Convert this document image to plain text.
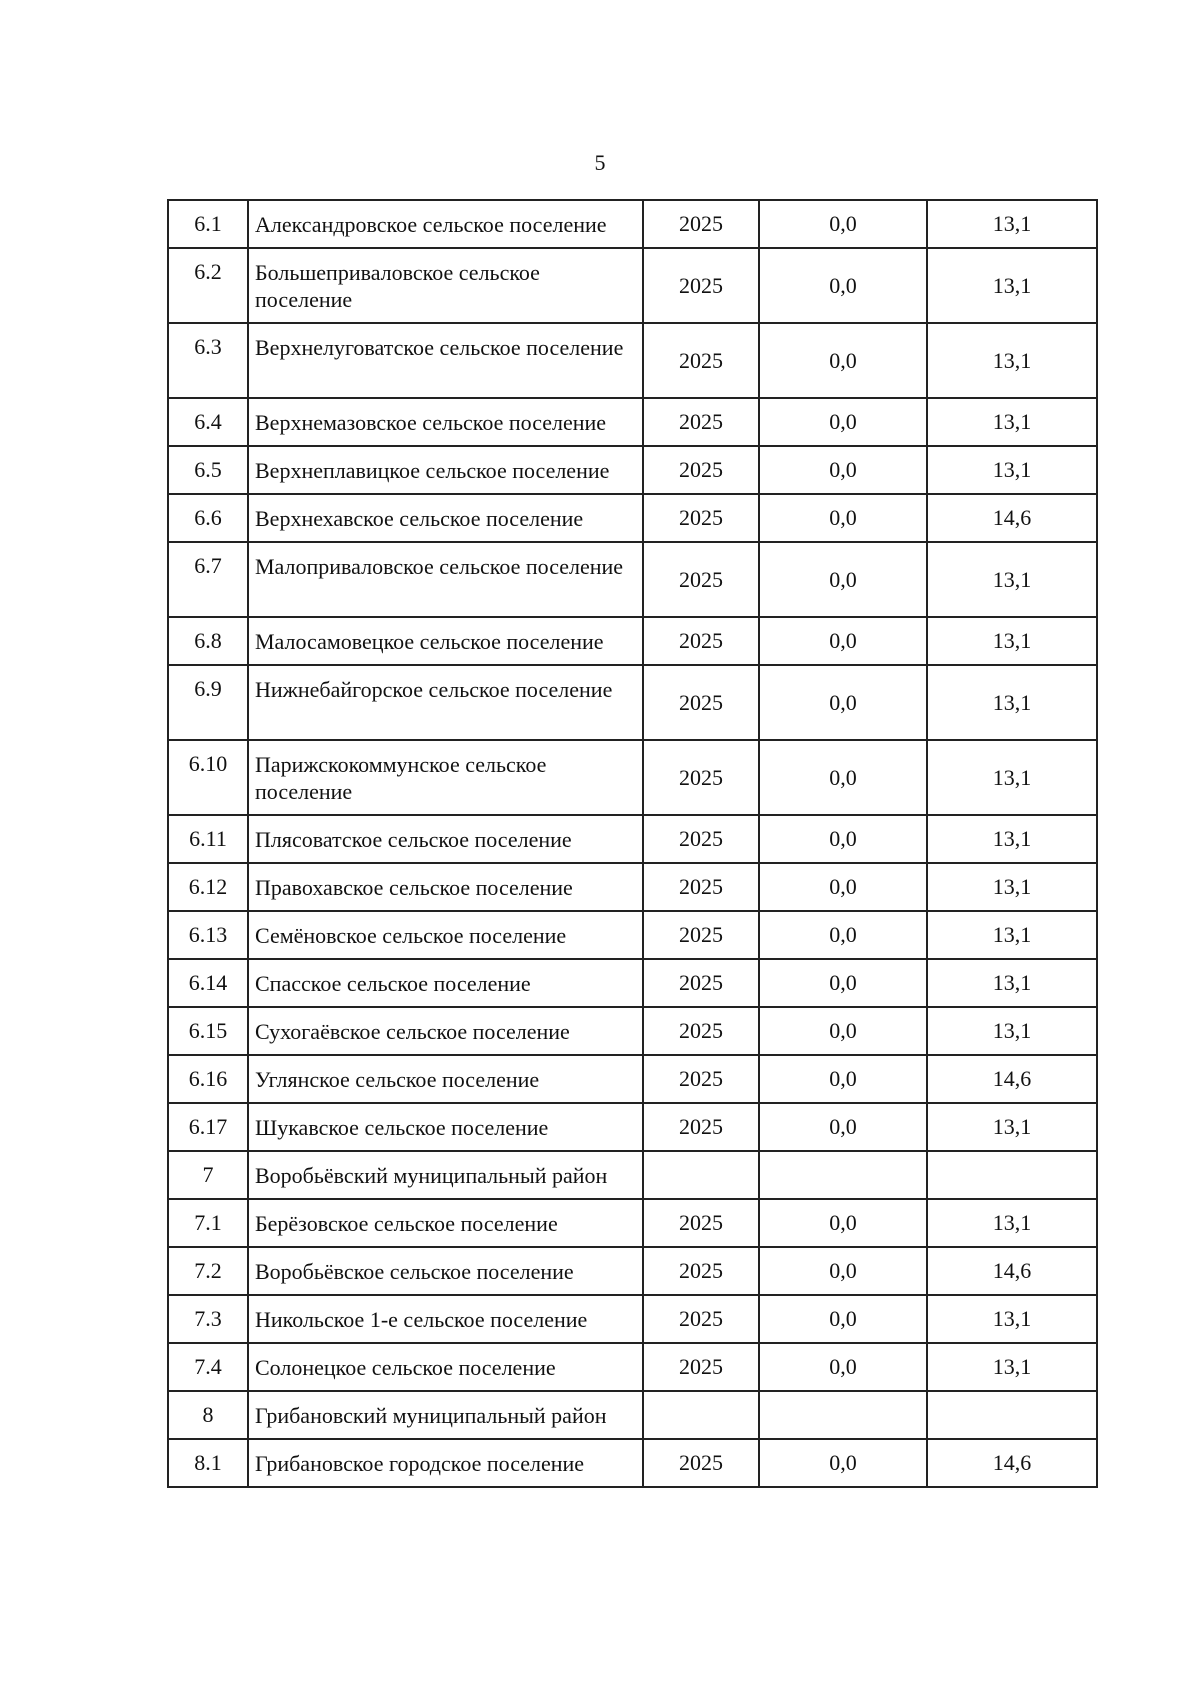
5
6.1	Александровское сельское поселение	2025	0,0	13,1
6.2	Большеприваловское сельское поселение	2025	0,0	13,1
6.3	Верхнелуговатское сельское поселение	2025	0,0	13,1
6.4	Верхнемазовское сельское поселение	2025	0,0	13,1
6.5	Верхнеплавицкое сельское поселение	2025	0,0	13,1
6.6	Верхнехавское сельское поселение	2025	0,0	14,6
6.7	Малоприваловское сельское поселение	2025	0,0	13,1
6.8	Малосамовецкое сельское поселение	2025	0,0	13,1
6.9	Нижнебайгорское сельское поселение	2025	0,0	13,1
6.10	Парижскокоммунское сельское поселение	2025	0,0	13,1
6.11	Плясоватское сельское поселение	2025	0,0	13,1
6.12	Правохавское сельское поселение	2025	0,0	13,1
6.13	Семёновское сельское поселение	2025	0,0	13,1
6.14	Спасское сельское поселение	2025	0,0	13,1
6.15	Сухогаёвское сельское поселение	2025	0,0	13,1
6.16	Углянское сельское поселение	2025	0,0	14,6
6.17	Шукавское сельское поселение	2025	0,0	13,1
7	Воробьёвский муниципальный район			
7.1	Берёзовское сельское поселение	2025	0,0	13,1
7.2	Воробьёвское сельское поселение	2025	0,0	14,6
7.3	Никольское 1-е сельское поселение	2025	0,0	13,1
7.4	Солонецкое сельское поселение	2025	0,0	13,1
8	Грибановский муниципальный район			
8.1	Грибановское городское поселение	2025	0,0	14,6
